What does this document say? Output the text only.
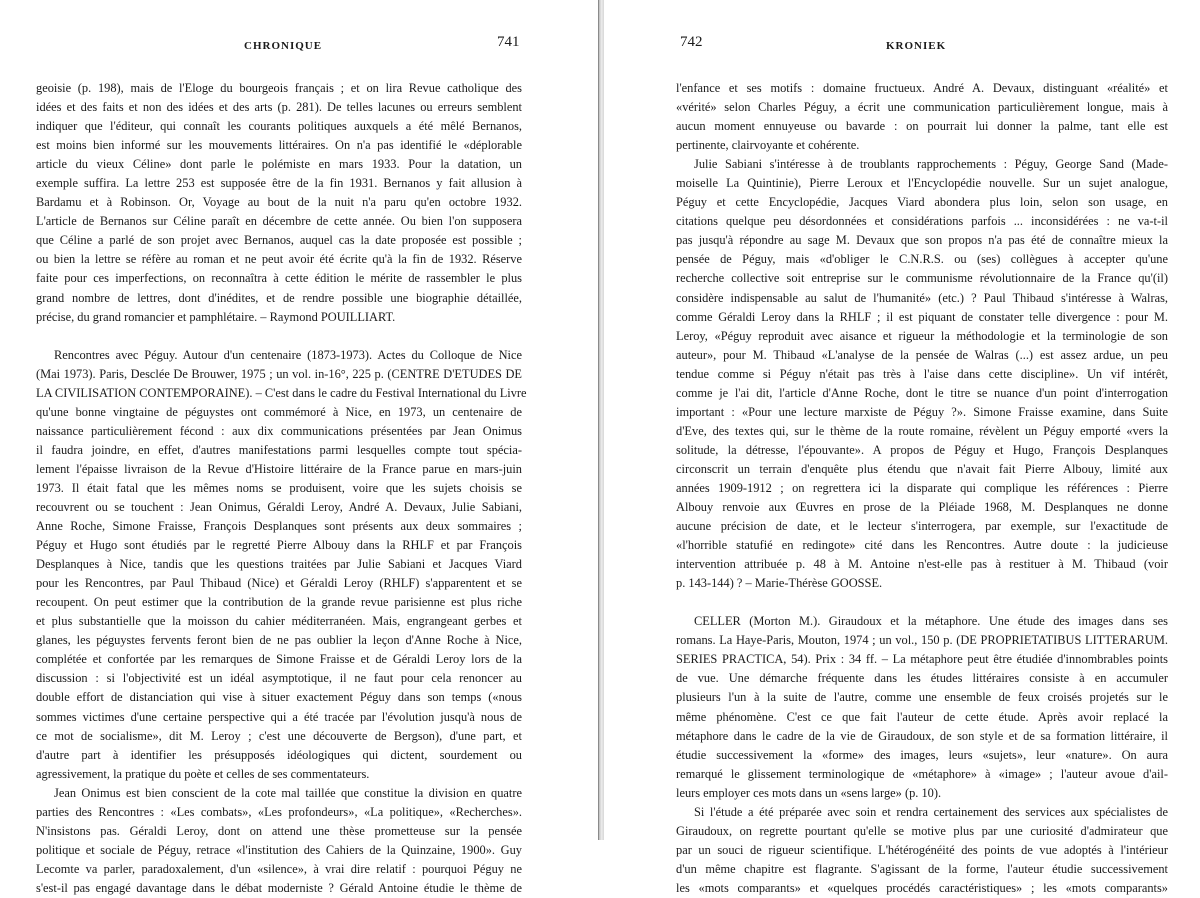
CHRONIQUE	741
geoisie (p. 198), mais de l'Eloge du bourgeois français ; et on lira Revue catholique des
idées et des faits et non des idées et des arts (p. 281). De telles lacunes ou erreurs semblent
indiquer que l'éditeur, qui connaît les courants politiques auxquels a été mêlé Bernanos,
est moins bien informé sur les mouvements littéraires. On n'a pas identifié le «déplorable
article du vieux Céline» dont parle le polémiste en mars 1933. Pour la datation, un
exemple suffira. La lettre 253 est supposée être de la fin 1931. Bernanos y fait allusion à
Bardamu et à Robinson. Or, Voyage au bout de la nuit n'a paru qu'en octobre 1932.
L'article de Bernanos sur Céline paraît en décembre de cette année. Ou bien l'on supposera
que Céline a parlé de son projet avec Bernanos, auquel cas la date proposée est possible ;
ou bien la lettre se réfère au roman et ne peut avoir été écrite qu'à la fin de 1932. Réserve
faite pour ces imperfections, on reconnaîtra à cette édition le mérite de rassembler le plus
grand nombre de lettres, dont d'inédites, et de rendre possible une biographie détaillée,
précise, du grand romancier et pamphlétaire. – Raymond POUILLIART.
Rencontres avec Péguy. Autour d'un centenaire (1873-1973). Actes du Colloque de Nice
(Mai 1973). Paris, Desclée De Brouwer, 1975 ; un vol. in-16°, 225 p. (CENTRE D'ETUDES DE
LA CIVILISATION CONTEMPORAINE). – C'est dans le cadre du Festival International du Livre
qu'une bonne vingtaine de péguystes ont commémoré à Nice, en 1973, un centenaire de
naissance particulièrement fécond : aux dix communications présentées par Jean Onimus
il faudra joindre, en effet, d'autres manifestations parmi lesquelles compte tout spécia-
lement l'épaisse livraison de la Revue d'Histoire littéraire de la France parue en mars-juin
1973. Il était fatal que les mêmes noms se produisent, voire que les sujets choisis se
recouvrent ou se touchent : Jean Onimus, Géraldi Leroy, André A. Devaux, Julie Sabiani,
Anne Roche, Simone Fraisse, François Desplanques sont présents aux deux sommaires ;
Péguy et Hugo sont étudiés par le regretté Pierre Albouy dans la RHLF et par François
Desplanques à Nice, tandis que les questions traitées par Julie Sabiani et Jacques Viard
pour les Rencontres, par Paul Thibaud (Nice) et Géraldi Leroy (RHLF) s'apparentent et se
recoupent. On peut estimer que la contribution de la grande revue parisienne est plus riche
et plus substantielle que la moisson du cahier méditerranéen. Mais, engrangeant gerbes et
glanes, les péguystes fervents feront bien de ne pas oublier la leçon d'Anne Roche à Nice,
complétée et confortée par les remarques de Simone Fraisse et de Géraldi Leroy lors de la
discussion : si l'objectivité est un idéal asymptotique, il ne faut pour cela renoncer au
double effort de distanciation qui vise à situer exactement Péguy dans son temps («nous
sommes victimes d'une certaine perspective qui a été tracée par l'évolution jusqu'à nous de
ce mot de socialisme», dit M. Leroy ; c'est une découverte de Bergson), d'une part, et
d'autre part à identifier les présupposés idéologiques qui dictent, sourdement ou
agressivement, la pratique du poète et celles de ses commentateurs.
Jean Onimus est bien conscient de la cote mal taillée que constitue la division en quatre
parties des Rencontres : «Les combats», «Les profondeurs», «La politique», «Recherches».
N'insistons pas. Géraldi Leroy, dont on attend une thèse prometteuse sur la pensée
politique et sociale de Péguy, retrace «l'institution des Cahiers de la Quinzaine, 1900». Guy
Lecomte va parler, paradoxalement, d'un «silence», à vrai dire relatif : pourquoi Péguy ne
s'est-il pas engagé davantage dans le débat moderniste ? Gérald Antoine étudie le thème de
742	KRONIEK
l'enfance et ses motifs : domaine fructueux. André A. Devaux, distinguant «réalité» et
«vérité» selon Charles Péguy, a écrit une communication particulièrement longue, mais à
aucun moment ennuyeuse ou bavarde : on pourrait lui donner la palme, tant elle est
pertinente, clairvoyante et cohérente.
Julie Sabiani s'intéresse à de troublants rapprochements : Péguy, George Sand (Made-
moiselle La Quintinie), Pierre Leroux et l'Encyclopédie nouvelle. Sur un sujet analogue,
Péguy et cette Encyclopédie, Jacques Viard abondera plus loin, selon son usage, en
citations quelque peu désordonnées et considérations parfois ... inconsidérées : ne va-t-il
pas jusqu'à répondre au sage M. Devaux que son propos n'a pas été de connaître mieux la
pensée de Péguy, mais «d'obliger le C.N.R.S. ou (ses) collègues à accepter qu'une
recherche collective soit entreprise sur le communisme révolutionnaire de la France qu'(il)
considère indispensable au salut de l'humanité» (etc.) ? Paul Thibaud s'intéresse à Walras,
comme Géraldi Leroy dans la RHLF ; il est piquant de constater telle divergence : pour M.
Leroy, «Péguy reproduit avec aisance et rigueur la méthodologie et la terminologie de son
auteur», pour M. Thibaud «L'analyse de la pensée de Walras (...) est assez ardue, un peu
tendue comme si Péguy n'était pas très à l'aise dans cette discipline». Un vif intérêt,
comme je l'ai dit, l'article d'Anne Roche, dont le titre se nuance d'un point d'interrogation
important : «Pour une lecture marxiste de Péguy ?». Simone Fraisse examine, dans Suite
d'Eve, des textes qui, sur le thème de la route romaine, révèlent un Péguy emporté «vers la
solitude, la détresse, l'épouvante». A propos de Péguy et Hugo, François Desplanques
circonscrit un terrain d'enquête plus étendu que n'avait fait Pierre Albouy, limité aux
années 1909-1912 ; on regrettera ici la disparate qui complique les références : Pierre
Albouy renvoie aux Œuvres en prose de la Pléiade 1968, M. Desplanques ne donne
aucune précision de date, et le lecteur s'interrogera, par exemple, sur l'exactitude de
«l'horrible statufié en redingote» cité dans les Rencontres. Autre doute : la judicieuse
intervention attribuée p. 48 à M. Antoine n'est-elle pas à restituer à M. Thibaud (voir
p. 143-144) ? – Marie-Thérèse GOOSSE.
CELLER (Morton M.). Giraudoux et la métaphore. Une étude des images dans ses
romans. La Haye-Paris, Mouton, 1974 ; un vol., 150 p. (DE PROPRIETATIBUS LITTERARUM.
SERIES PRACTICA, 54). Prix : 34 ff. – La métaphore peut être étudiée d'innombrables points
de vue. Une démarche fréquente dans les études littéraires consiste à en accumuler
plusieurs l'un à la suite de l'autre, comme une ensemble de feux croisés projetés sur le
même phénomène. C'est ce que fait l'auteur de cette étude. Après avoir replacé la
métaphore dans le cadre de la vie de Giraudoux, de son style et de sa formation littéraire, il
étudie successivement la «forme» des images, leurs «sujets», leur «nature». On aura
remarqué le glissement terminologique de «métaphore» à «image» ; l'auteur avoue d'ail-
leurs employer ces mots dans un «sens large» (p. 10).
Si l'étude a été préparée avec soin et rendra certainement des services aux spécialistes de
Giraudoux, on regrette pourtant qu'elle se motive plus par une curiosité d'admirateur que
par un souci de rigueur scientifique. L'hétérogénéité des points de vue adoptés à l'intérieur
d'un même chapitre est flagrante. S'agissant de la forme, l'auteur étudie successivement
les «mots comparants» et «quelques procédés caractéristiques» ; les «mots comparants»
